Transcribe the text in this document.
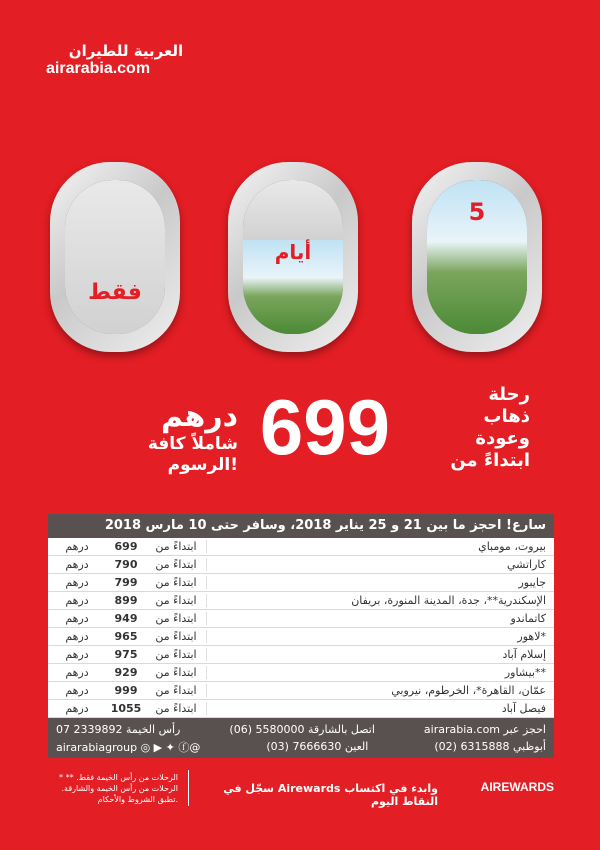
العربية للطيران
airarabia.com
فقط
أيام
5
رحلة
ذهاب
وعودة
ابتداءً من
699
درهم
شاملاً كافة
الرسوم!
سارع! احجز ما بين 21 و 25 يناير 2018، وسافر حتى 10 مارس 2018
درهم	699	ابتداءً من	بيروت، مومباي
درهم	790	ابتداءً من	كاراتشي
درهم	799	ابتداءً من	جايبور
درهم	899	ابتداءً من	الإسكندرية**، جدة، المدينة المنورة، بريفان
درهم	949	ابتداءً من	كاتماندو
درهم	965	ابتداءً من	لاهور*
درهم	975	ابتداءً من	إسلام آباد
درهم	929	ابتداءً من	بيشاور**
درهم	999	ابتداءً من	عمّان، القاهرة*، الخرطوم، نيروبي
درهم	1055	ابتداءً من	فيصل آباد
احجز عبر airarabia.com
اتصل بالشارقة 5580000 (06)
رأس الخيمة 2339892 07
أبوظبي 6315888 (02)
العين 7666630 (03)
@airarabiagroup ◎ ▶ ✦ ⓕ
* الرحلات من رأس الخيمة فقط. ** الرحلات من رأس الخيمة والشارقة. تطبق الشروط والأحكام.
سجّل في Airewards وابدء في اكتساب النقاط اليوم
AIREWARDS
